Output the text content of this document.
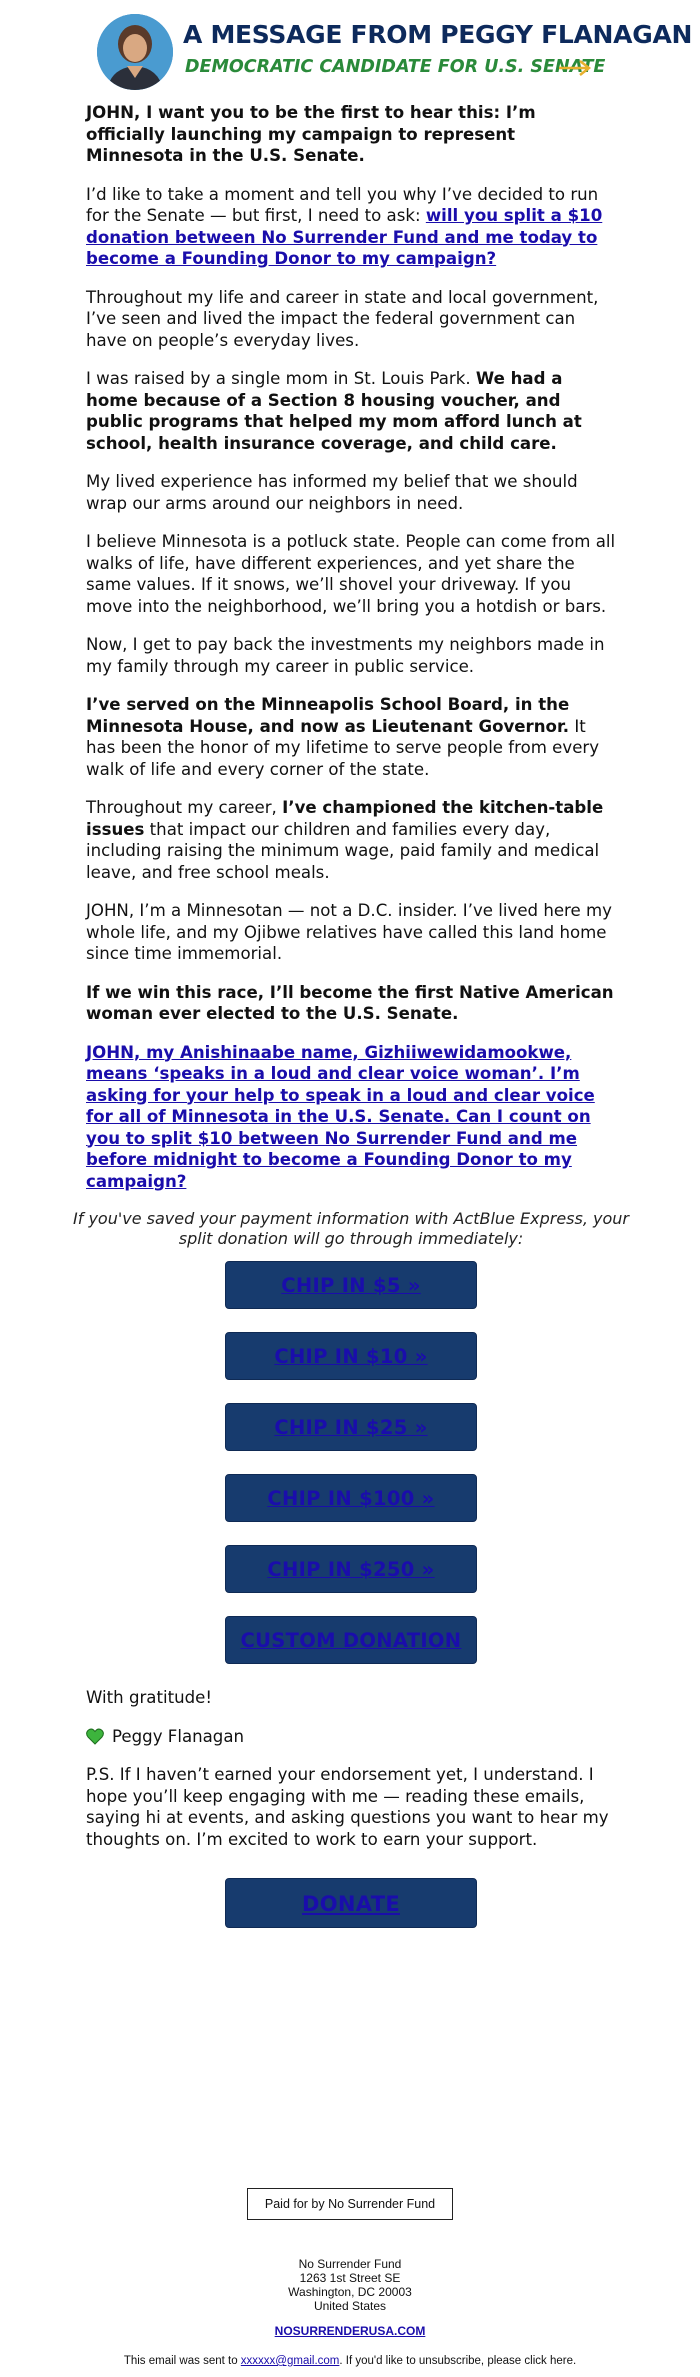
A MESSAGE FROM PEGGY FLANAGAN
DEMOCRATIC CANDIDATE FOR U.S. SENATE

JOHN, I want you to be the first to hear this: I’m officially launching my campaign to represent Minnesota in the U.S. Senate.

I’d like to take a moment and tell you why I’ve decided to run for the Senate — but first, I need to ask: will you split a $10 donation between No Surrender Fund and me today to become a Founding Donor to my campaign?

Throughout my life and career in state and local government, I’ve seen and lived the impact the federal government can have on people’s everyday lives.

I was raised by a single mom in St. Louis Park. We had a home because of a Section 8 housing voucher, and public programs that helped my mom afford lunch at school, health insurance coverage, and child care.

My lived experience has informed my belief that we should wrap our arms around our neighbors in need.

I believe Minnesota is a potluck state. People can come from all walks of life, have different experiences, and yet share the same values. If it snows, we’ll shovel your driveway. If you move into the neighborhood, we’ll bring you a hotdish or bars.

Now, I get to pay back the investments my neighbors made in my family through my career in public service.

I’ve served on the Minneapolis School Board, in the Minnesota House, and now as Lieutenant Governor. It has been the honor of my lifetime to serve people from every walk of life and every corner of the state.

Throughout my career, I’ve championed the kitchen-table issues that impact our children and families every day, including raising the minimum wage, paid family and medical leave, and free school meals.

JOHN, I’m a Minnesotan — not a D.C. insider. I’ve lived here my whole life, and my Ojibwe relatives have called this land home since time immemorial.

If we win this race, I’ll become the first Native American woman ever elected to the U.S. Senate.

JOHN, my Anishinaabe name, Gizhiiwewidamookwe, means ‘speaks in a loud and clear voice woman’. I’m asking for your help to speak in a loud and clear voice for all of Minnesota in the U.S. Senate. Can I count on you to split $10 between No Surrender Fund and me before midnight to become a Founding Donor to my campaign?

If you've saved your payment information with ActBlue Express, your split donation will go through immediately:
CHIP IN $5 »
CHIP IN $10 »
CHIP IN $25 »
CHIP IN $100 »
CHIP IN $250 »
CUSTOM DONATION

With gratitude!

Peggy Flanagan

P.S. If I haven’t earned your endorsement yet, I understand. I hope you’ll keep engaging with me — reading these emails, saying hi at events, and asking questions you want to hear my thoughts on. I’m excited to work to earn your support.

DONATE
Paid for by No Surrender Fund
No Surrender Fund
1263 1st Street SE
Washington, DC 20003
United States
NOSURRENDERUSA.COM
This email was sent to xxxxxx@gmail.com. If you'd like to unsubscribe, please click here.
